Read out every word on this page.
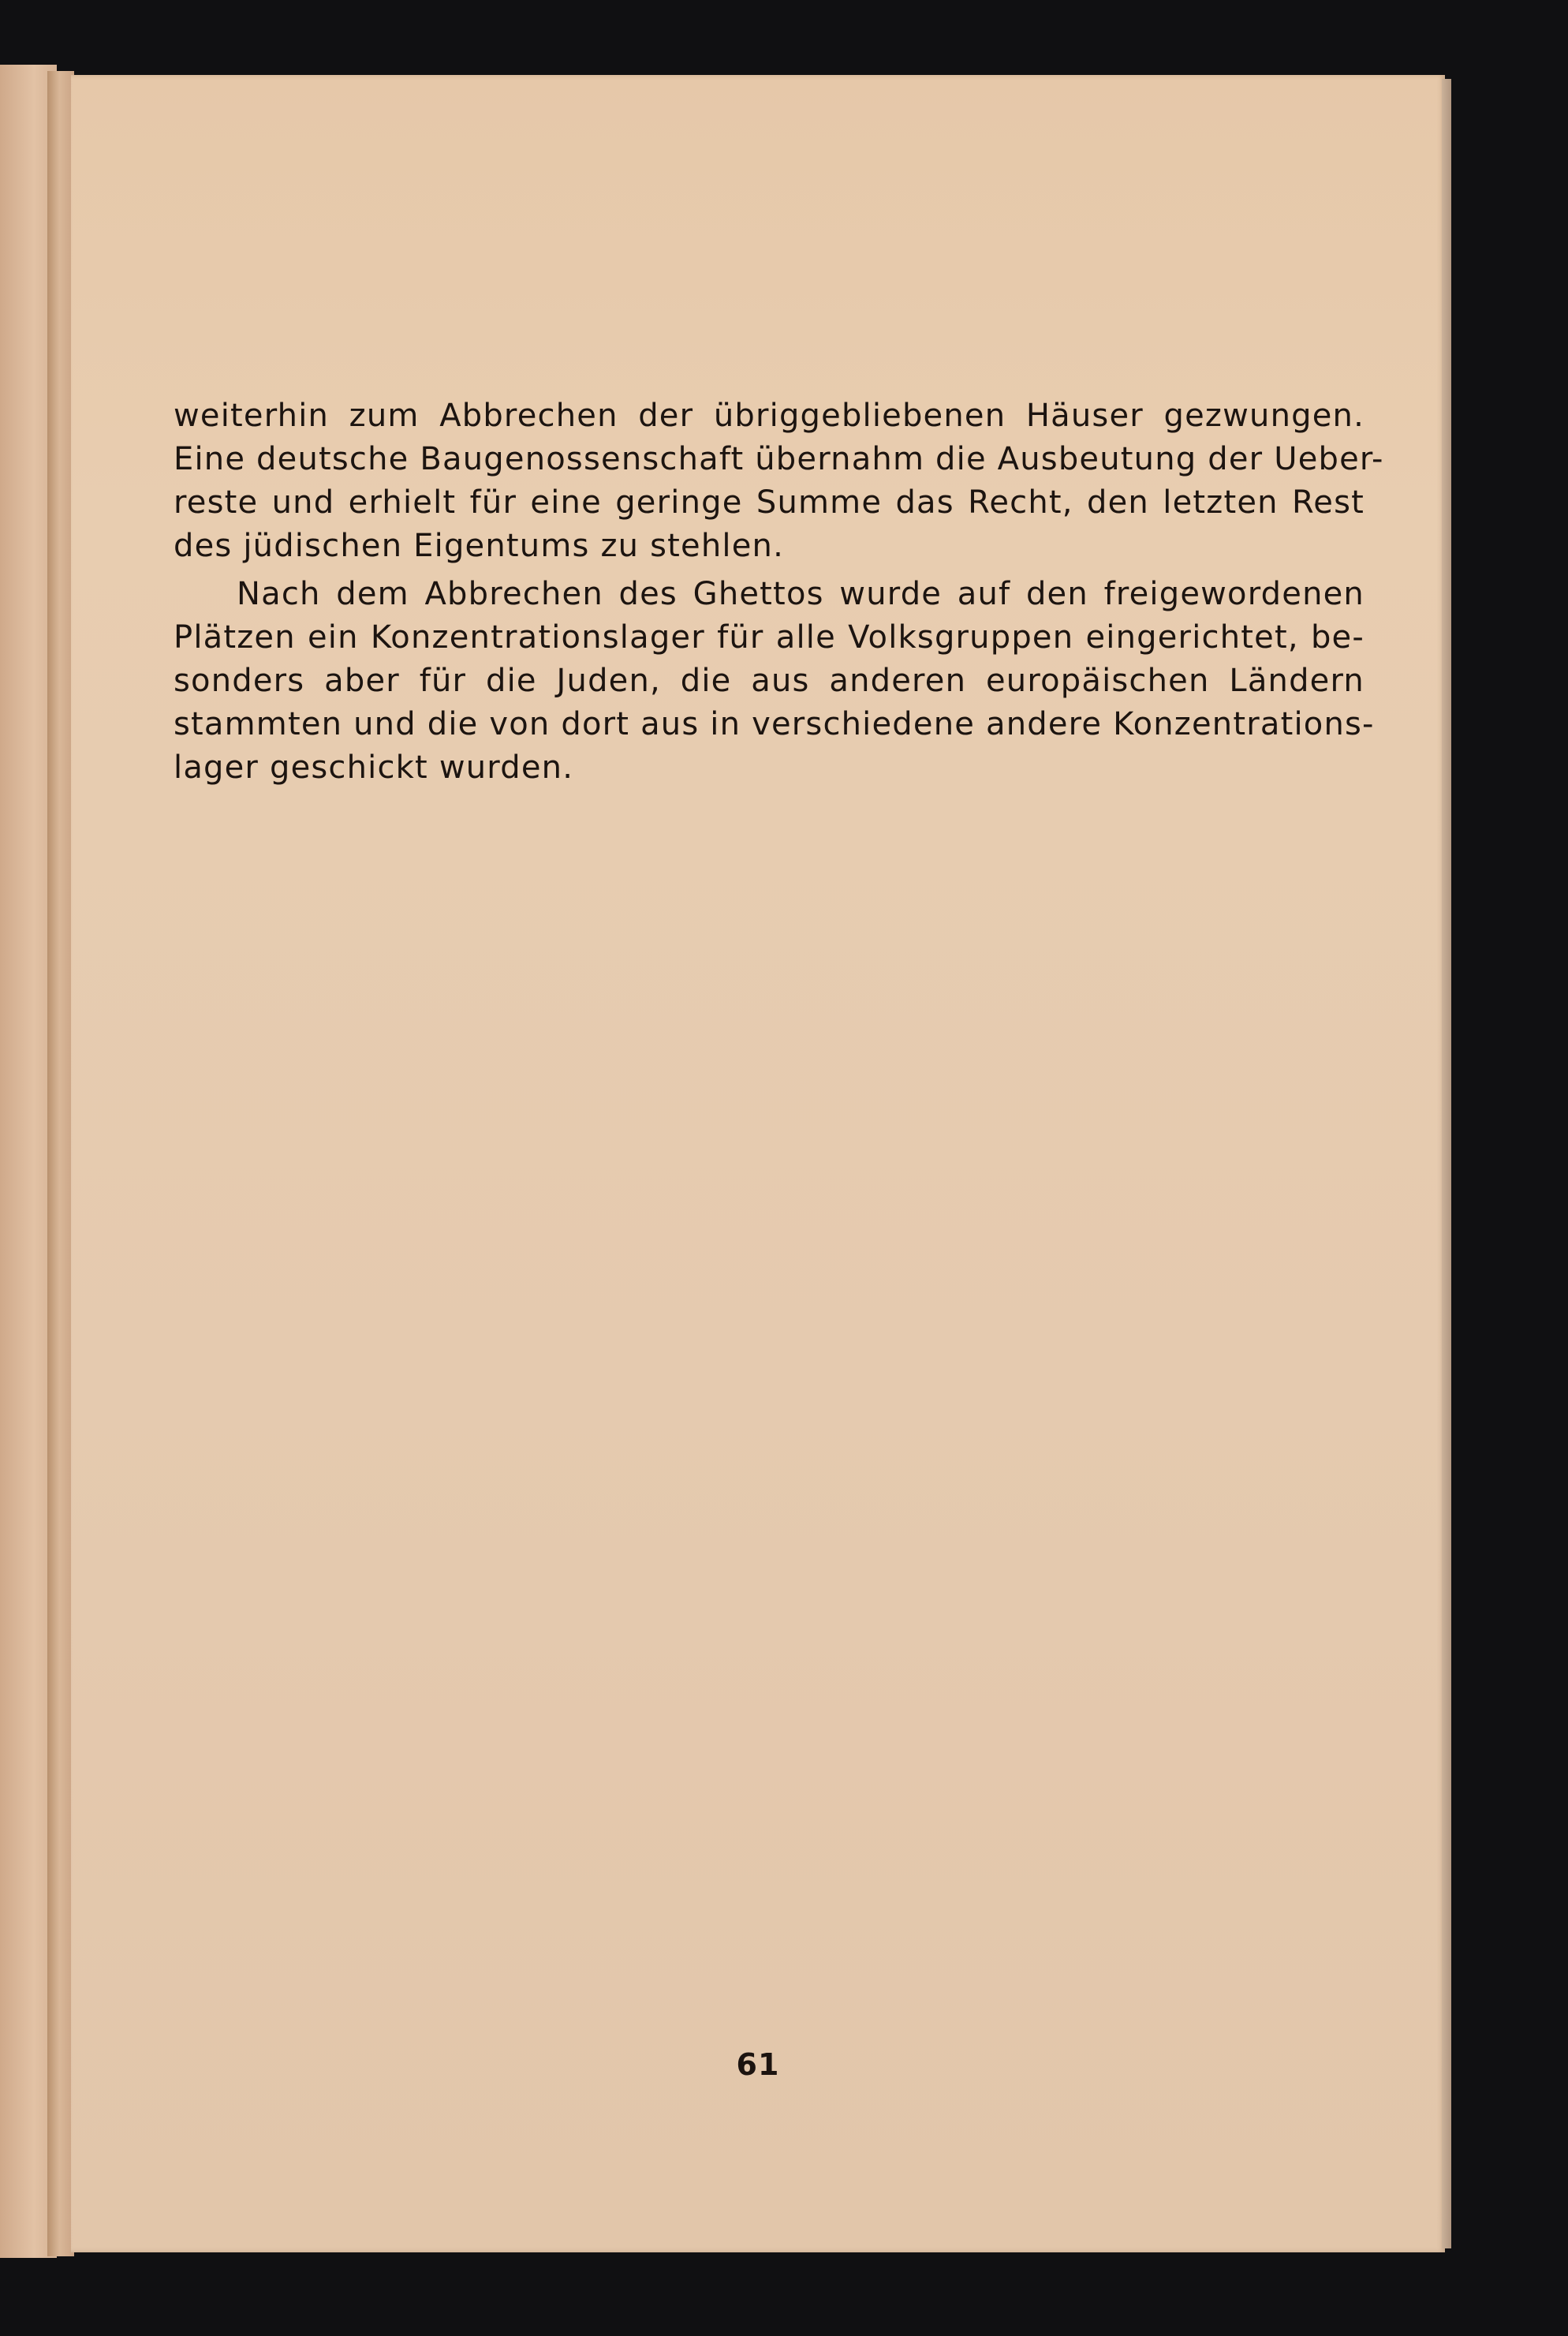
weiterhin zum Abbrechen der übriggebliebenen Häuser gezwungen.
Eine deutsche Baugenossenschaft übernahm die Ausbeutung der Ueber-
reste und erhielt für eine geringe Summe das Recht, den letzten Rest
des jüdischen Eigentums zu stehlen.

Nach dem Abbrechen des Ghettos wurde auf den freigewordenen
Plätzen ein Konzentrationslager für alle Volksgruppen eingerichtet, be-
sonders aber für die Juden, die aus anderen europäischen Ländern
stammten und die von dort aus in verschiedene andere Konzentrations-
lager geschickt wurden.

61
